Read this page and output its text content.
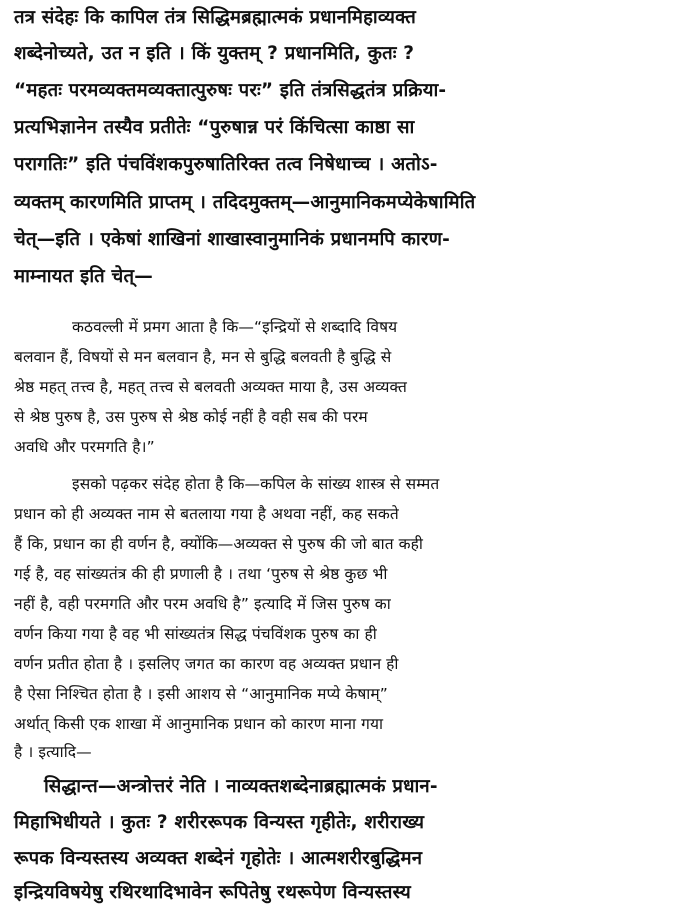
तत्र संदेहः कि कापिल तंत्र सिद्धिमब्रह्मात्मकं प्रधानमिहाव्यक्त
शब्देनोच्यते, उत न इति । किं युक्तम् ? प्रधानमिति, कुतः ?
“महतः परमव्यक्तमव्यक्तात्पुरुषः परः” इति तंत्रसिद्धतंत्र प्रक्रिया-
प्रत्यभिज्ञानेन तस्यैव प्रतीतेः “पुरुषान्न परं किंचित्सा काष्ठा सा
परागतिः” इति पंचविंशकपुरुषातिरिक्त तत्व निषेधाच्च । अतोऽ-
व्यक्तम् कारणमिति प्राप्तम् । तदिदमुक्तम्—आनुमानिकमप्येकेषामिति
चेत्—इति । एकेषां शाखिनां शाखास्वानुमानिकं प्रधानमपि कारण-
माम्नायत इति चेत्—
कठवल्ली में प्रमग आता है कि—“इन्द्रियों से शब्दादि विषय
बलवान हैं, विषयों से मन बलवान है, मन से बुद्धि बलवती है बुद्धि से
श्रेष्ठ महत् तत्त्व है, महत् तत्त्व से बलवती अव्यक्त माया है, उस अव्यक्त
से श्रेष्ठ पुरुष है, उस पुरुष से श्रेष्ठ कोई नहीं है वही सब की परम
अवधि और परमगति है।”
इसको पढ़कर संदेह होता है कि—कपिल के सांख्य शास्त्र से सम्मत
प्रधान को ही अव्यक्त नाम से बतलाया गया है अथवा नहीं, कह सकते
हैं कि, प्रधान का ही वर्णन है, क्योंकि—अव्यक्त से पुरुष की जो बात कही
गई है, वह सांख्यतंत्र की ही प्रणाली है । तथा ‘पुरुष से श्रेष्ठ कुछ भी
नहीं है, वही परमगति और परम अवधि है” इत्यादि में जिस पुरुष का
वर्णन किया गया है वह भी सांख्यतंत्र सिद्ध पंचविंशक पुरुष का ही
वर्णन प्रतीत होता है । इसलिए जगत का कारण वह अव्यक्त प्रधान ही
है ऐसा निश्चित होता है । इसी आशय से “आनुमानिक मप्ये केषाम्”
अर्थात् किसी एक शाखा में आनुमानिक प्रधान को कारण माना गया
है । इत्यादि—
सिद्धान्त—अन्त्रोत्तरं नेति । नाव्यक्तशब्देनाब्रह्मात्मकं प्रधान-
मिहाभिधीयते । कुतः ? शरीररूपक विन्यस्त गृहीतेः, शरीराख्य
रूपक विन्यस्तस्य अव्यक्त शब्देनं गृहोतेः । आत्मशरीरबुद्धिमन
इन्द्रियविषयेषु रथिरथादिभावेन रूपितेषु रथरूपेण विन्यस्तस्य
